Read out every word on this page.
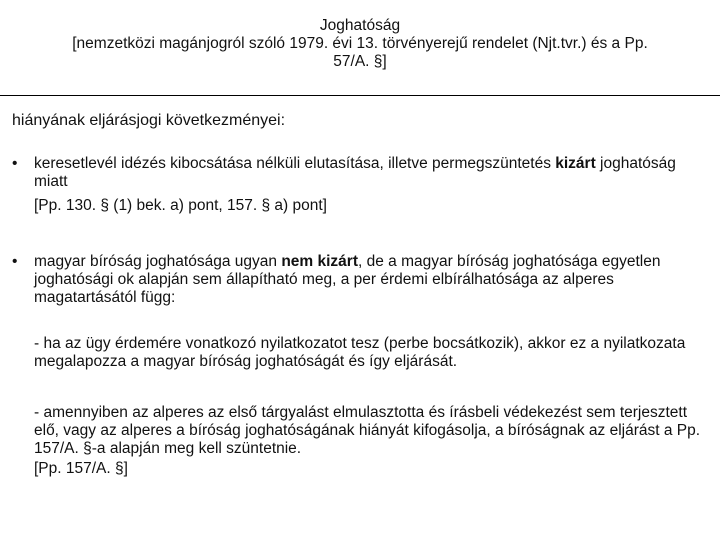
Joghatóság
[nemzetközi magánjogról szóló 1979. évi 13. törvényerejű rendelet (Njt.tvr.) és a Pp.
57/A. §]
hiányának eljárásjogi következményei:
•	keresetlevél idézés kibocsátása nélküli elutasítása, illetve permegszüntetés kizárt joghatóság miatt
[Pp. 130. § (1) bek. a) pont, 157. § a) pont]
•	magyar bíróság joghatósága ugyan nem kizárt, de a magyar bíróság joghatósága egyetlen joghatósági ok alapján sem állapítható meg, a per érdemi elbírálhatósága az alperes magatartásától függ:
- ha az ügy érdemére vonatkozó nyilatkozatot tesz (perbe bocsátkozik), akkor ez a nyilatkozata megalapozza a magyar bíróság joghatóságát és így eljárását.
- amennyiben az alperes az első tárgyalást elmulasztotta és írásbeli védekezést sem terjesztett elő, vagy az alperes a bíróság joghatóságának hiányát kifogásolja, a bíróságnak az eljárást a Pp. 157/A. §-a alapján meg kell szüntetnie.
[Pp. 157/A. §]
